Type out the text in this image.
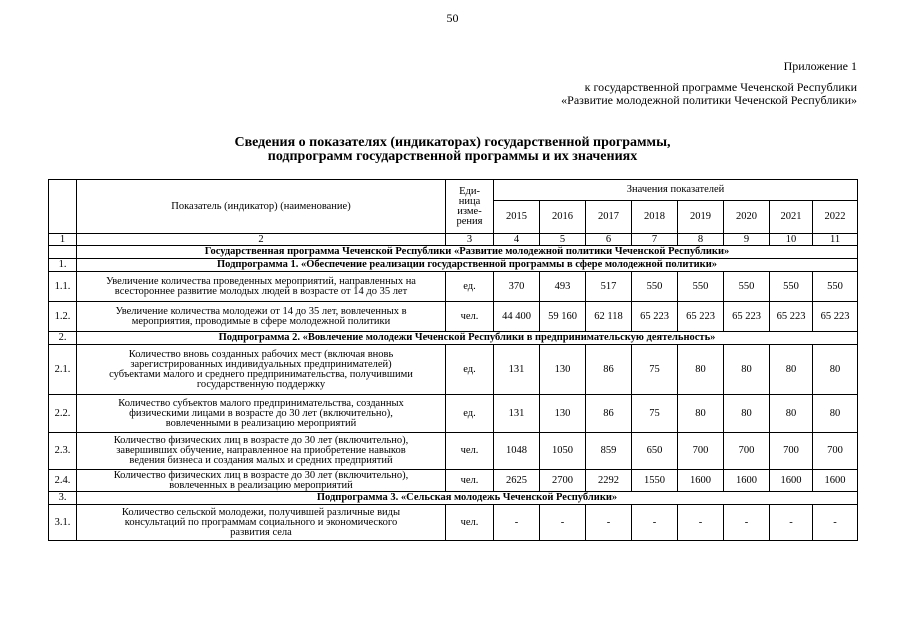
50
Приложение 1
к государственной программе Чеченской Республики
«Развитие молодежной политики Чеченской Республики»
Сведения о показателях (индикаторах) государственной программы,
подпрограмм государственной программы и их значениях
	Показатель (индикатор) (наименование)	Еди-
ница
изме-
рения	Значения показателей							
			2015	2016	2017	2018	2019	2020	2021	2022
1	2	3	4	5	6	7	8	9	10	11
	Государственная программа Чеченской Республики «Развитие молодежной политики Чеченской Республики»									
1.	Подпрограмма 1. «Обеспечение реализации государственной программы в сфере молодежной политики»									
1.1.	Увеличение количества проведенных мероприятий, направленных на
всестороннее развитие молодых людей в возрасте от 14 до 35 лет	ед.	370	493	517	550	550	550	550	550
1.2.	Увеличение количества молодежи от 14 до 35 лет, вовлеченных в
мероприятия, проводимые в сфере молодежной политики	чел.	44 400	59 160	62 118	65 223	65 223	65 223	65 223	65 223
2.	Подпрограмма 2. «Вовлечение молодежи Чеченской Республики в предпринимательскую деятельность»									
2.1.	Количество вновь созданных рабочих мест (включая вновь
зарегистрированных индивидуальных предпринимателей)
субъектами малого и среднего предпринимательства, получившими
государственную поддержку	ед.	131	130	86	75	80	80	80	80
2.2.	Количество субъектов малого предпринимательства, созданных
физическими лицами в возрасте до 30 лет (включительно),
вовлеченными в реализацию мероприятий	ед.	131	130	86	75	80	80	80	80
2.3.	Количество физических лиц в возрасте до 30 лет (включительно),
завершивших обучение, направленное на приобретение навыков
ведения бизнеса и создания малых и средних предприятий	чел.	1048	1050	859	650	700	700	700	700
2.4.	Количество физических лиц в возрасте до 30 лет (включительно),
вовлеченных в реализацию мероприятий	чел.	2625	2700	2292	1550	1600	1600	1600	1600
3.	Подпрограмма 3. «Сельская молодежь Чеченской Республики»									
3.1.	Количество сельской молодежи, получившей различные виды
консультаций по программам социального и экономического
развития села	чел.	-	-	-	-	-	-	-	-
